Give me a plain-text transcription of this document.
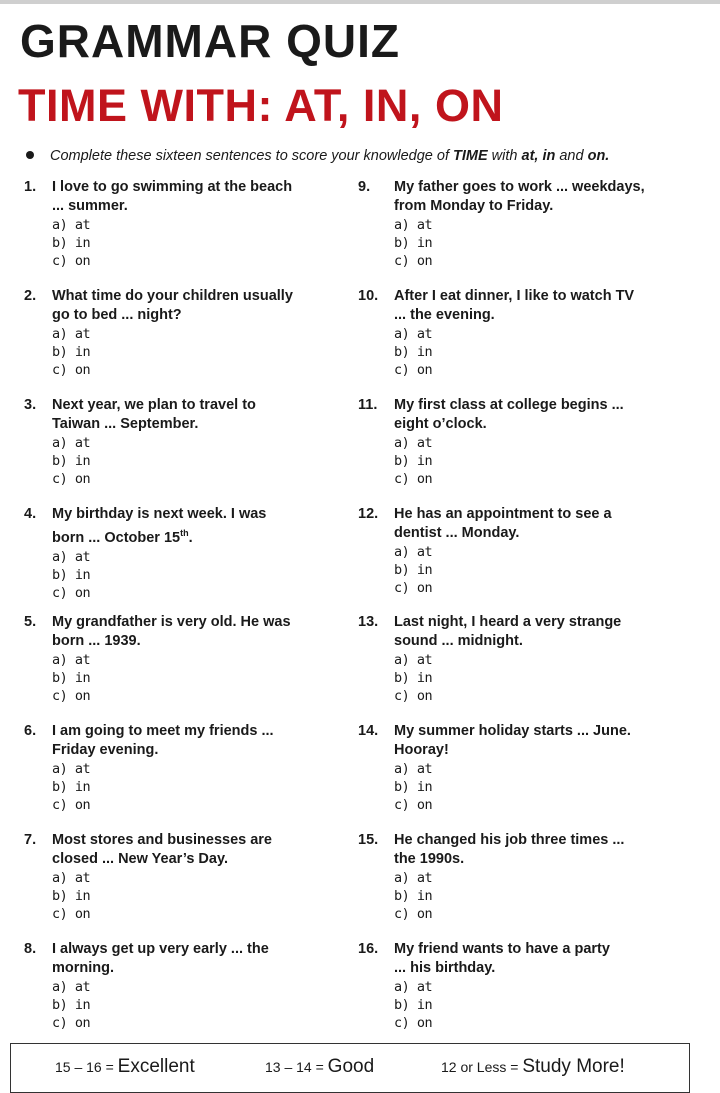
GRAMMAR QUIZ
TIME WITH: AT, IN, ON
Complete these sixteen sentences to score your knowledge of TIME with at, in and on.
1. I love to go swimming at the beach
... summer.
a) at
b) in
c) on
2. What time do your children usually
go to bed ... night?
a) at
b) in
c) on
3. Next year, we plan to travel to
Taiwan ... September.
a) at
b) in
c) on
4. My birthday is next week. I was
born ... October 15th.
a) at
b) in
c) on
5. My grandfather is very old. He was
born ... 1939.
a) at
b) in
c) on
6. I am going to meet my friends ...
Friday evening.
a) at
b) in
c) on
7. Most stores and businesses are
closed ... New Year’s Day.
a) at
b) in
c) on
8. I always get up very early ... the
morning.
a) at
b) in
c) on
9. My father goes to work ... weekdays,
from Monday to Friday.
a) at
b) in
c) on
10. After I eat dinner, I like to watch TV
... the evening.
a) at
b) in
c) on
11. My first class at college begins ...
eight o’clock.
a) at
b) in
c) on
12. He has an appointment to see a
dentist ... Monday.
a) at
b) in
c) on
13. Last night, I heard a very strange
sound ... midnight.
a) at
b) in
c) on
14. My summer holiday starts ... June.
Hooray!
a) at
b) in
c) on
15. He changed his job three times ...
the 1990s.
a) at
b) in
c) on
16. My friend wants to have a party
... his birthday.
a) at
b) in
c) on
15 – 16 = Excellent	13 – 14 = Good	12 or Less = Study More!
